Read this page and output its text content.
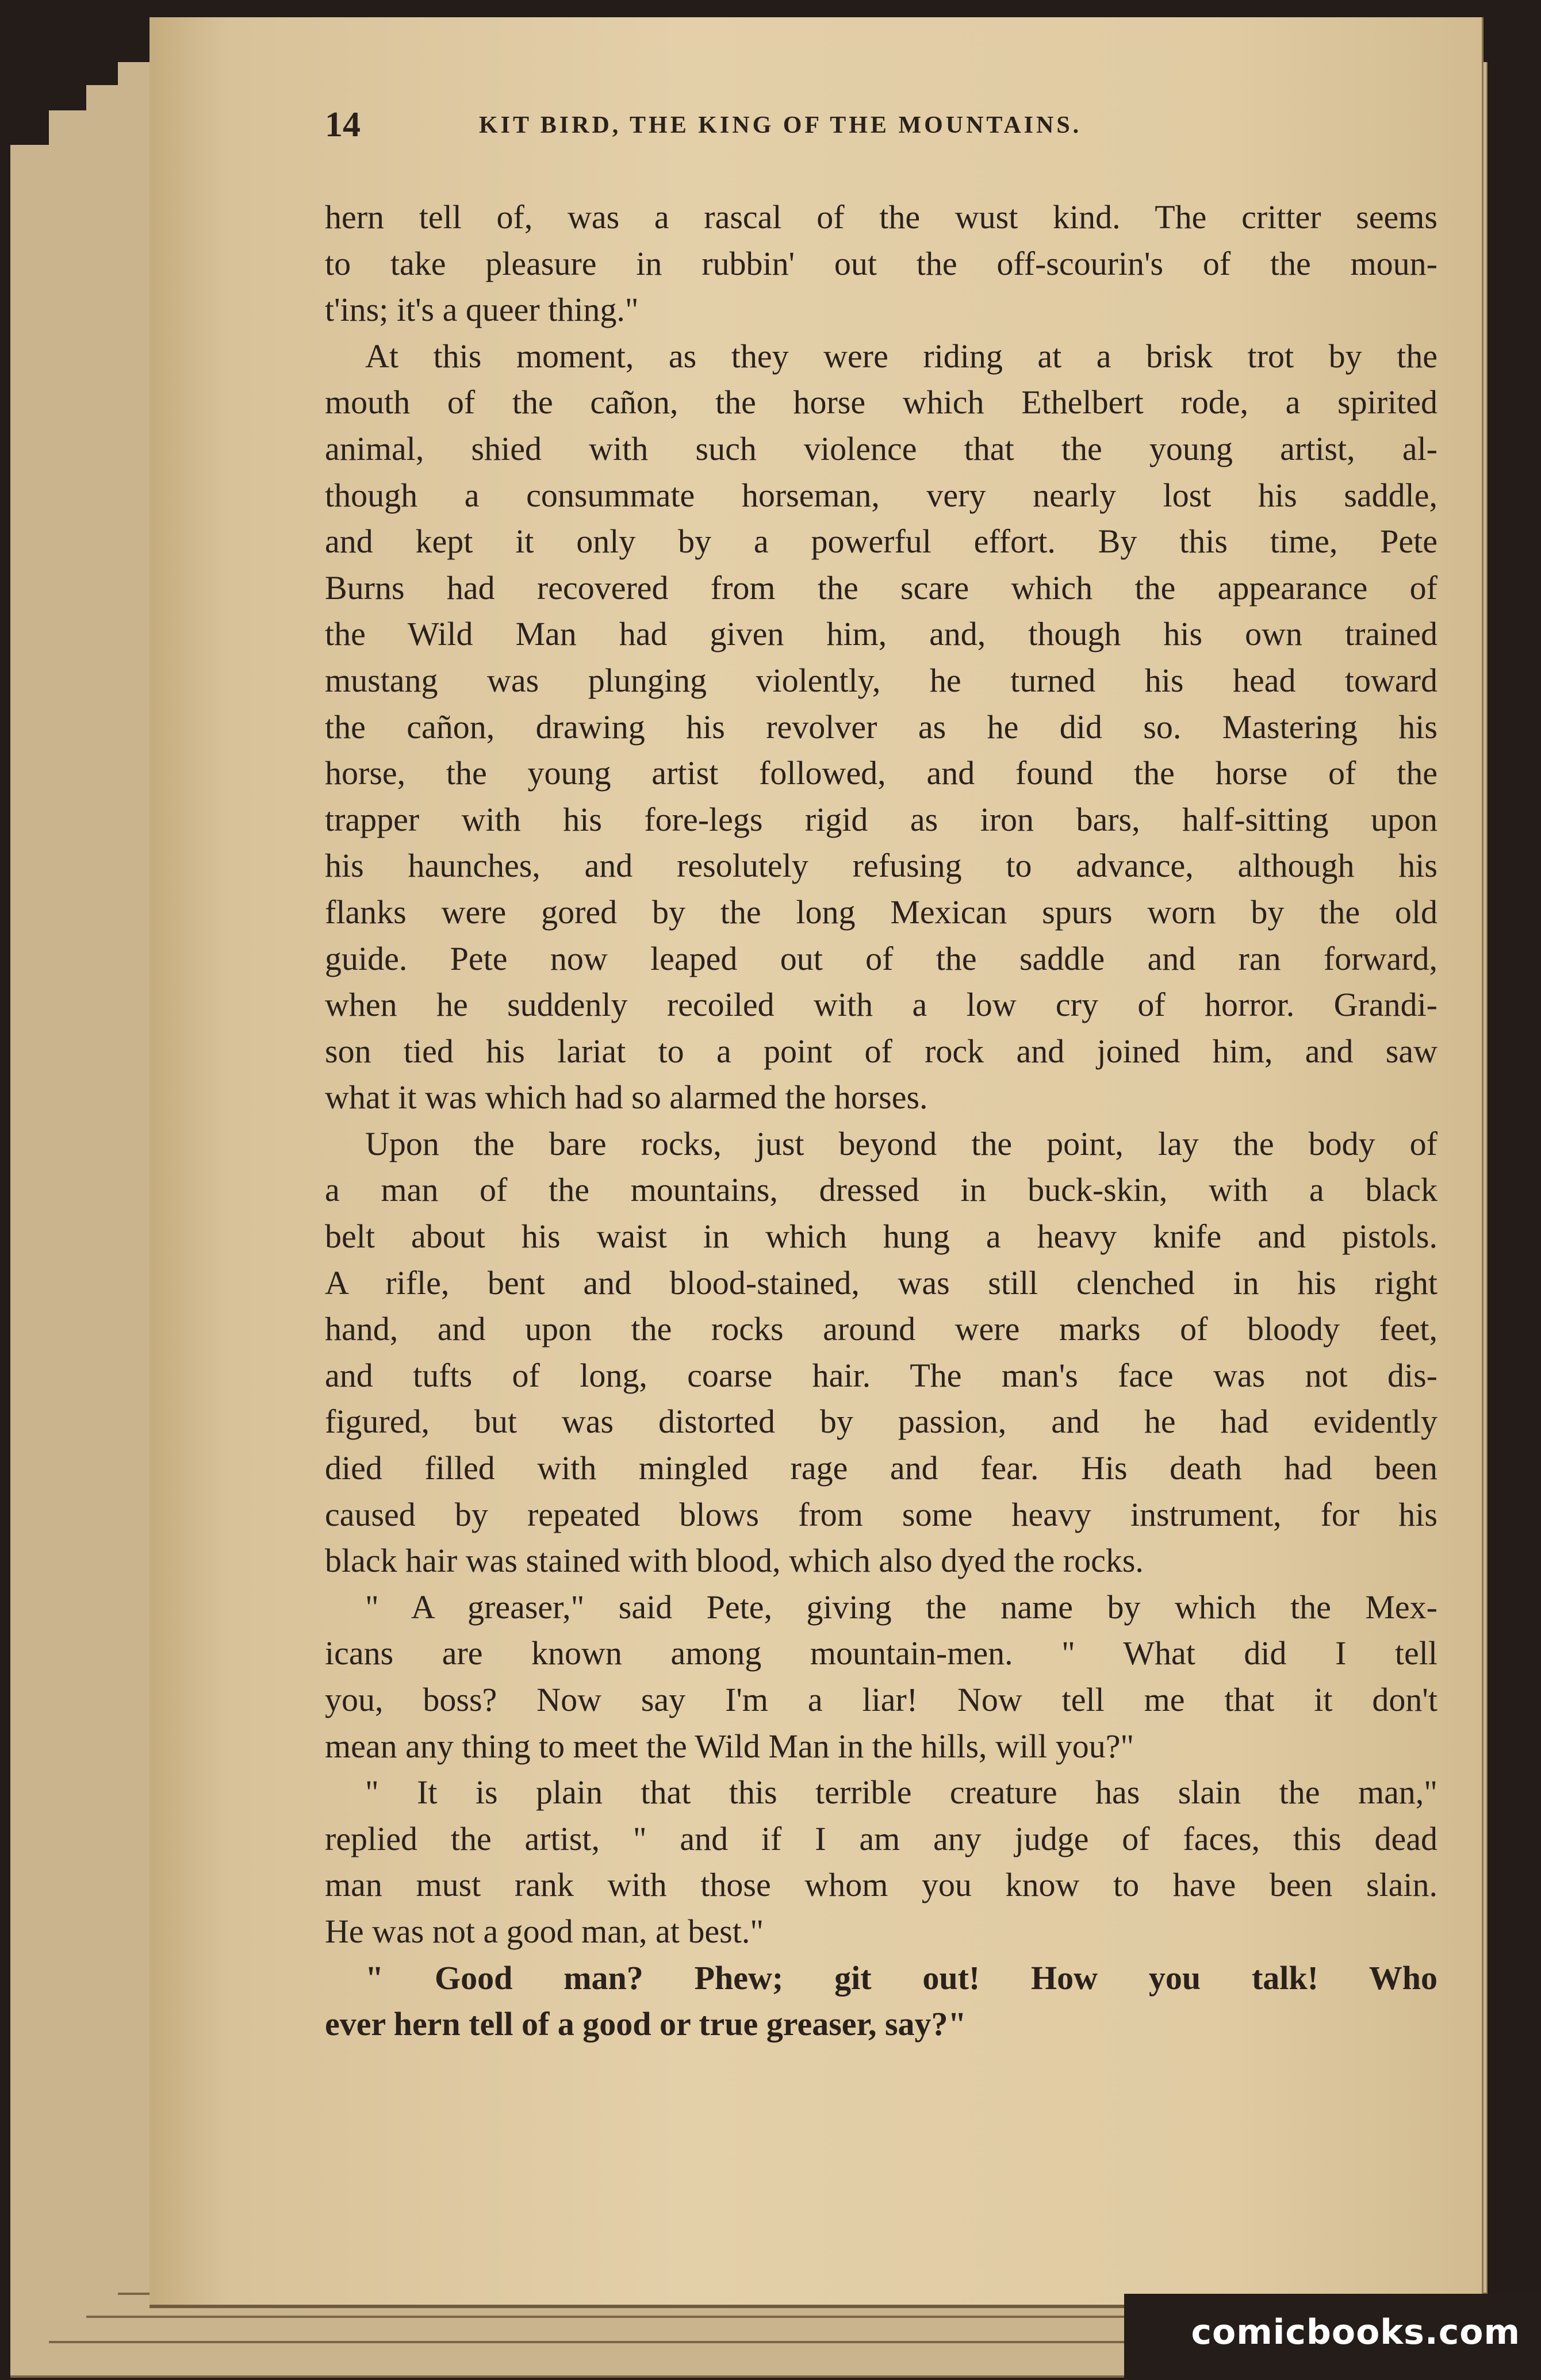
14	KIT BIRD, THE KING OF THE MOUNTAINS.
hern tell of, was a rascal of the wust kind. The critter seems
to take pleasure in rubbin' out the off-scourin's of the moun-
t'ins; it's a queer thing."
At this moment, as they were riding at a brisk trot by the
mouth of the cañon, the horse which Ethelbert rode, a spirited
animal, shied with such violence that the young artist, al-
though a consummate horseman, very nearly lost his saddle,
and kept it only by a powerful effort. By this time, Pete
Burns had recovered from the scare which the appearance of
the Wild Man had given him, and, though his own trained
mustang was plunging violently, he turned his head toward
the cañon, drawing his revolver as he did so. Mastering his
horse, the young artist followed, and found the horse of the
trapper with his fore-legs rigid as iron bars, half-sitting upon
his haunches, and resolutely refusing to advance, although his
flanks were gored by the long Mexican spurs worn by the old
guide. Pete now leaped out of the saddle and ran forward,
when he suddenly recoiled with a low cry of horror. Grandi-
son tied his lariat to a point of rock and joined him, and saw
what it was which had so alarmed the horses.
Upon the bare rocks, just beyond the point, lay the body of
a man of the mountains, dressed in buck-skin, with a black
belt about his waist in which hung a heavy knife and pistols.
A rifle, bent and blood-stained, was still clenched in his right
hand, and upon the rocks around were marks of bloody feet,
and tufts of long, coarse hair. The man's face was not dis-
figured, but was distorted by passion, and he had evidently
died filled with mingled rage and fear. His death had been
caused by repeated blows from some heavy instrument, for his
black hair was stained with blood, which also dyed the rocks.
" A greaser," said Pete, giving the name by which the Mex-
icans are known among mountain-men. " What did I tell
you, boss? Now say I'm a liar! Now tell me that it don't
mean any thing to meet the Wild Man in the hills, will you?"
" It is plain that this terrible creature has slain the man,"
replied the artist, " and if I am any judge of faces, this dead
man must rank with those whom you know to have been slain.
He was not a good man, at best."
" Good man? Phew; git out! How you talk! Who
ever hern tell of a good or true greaser, say?"
comicbooks.com
